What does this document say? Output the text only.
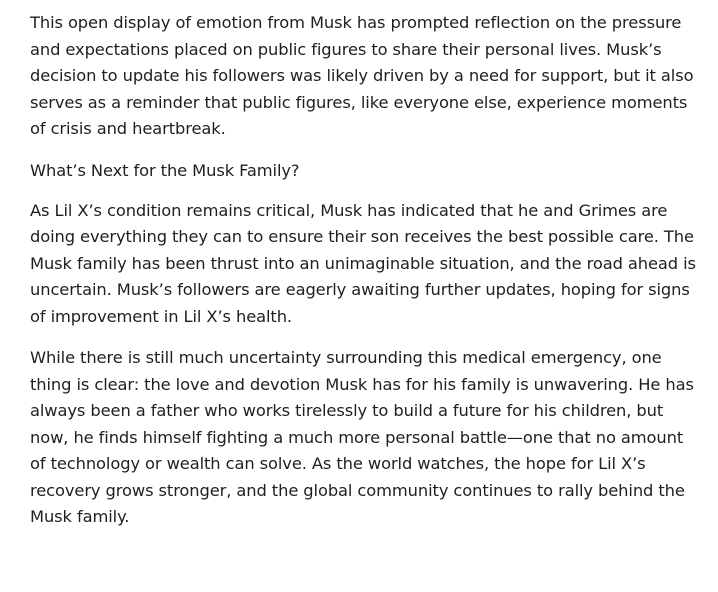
This open display of emotion from Musk has prompted reflection on the pressure and expectations placed on public figures to share their personal lives. Musk’s decision to update his followers was likely driven by a need for support, but it also serves as a reminder that public figures, like everyone else, experience moments of crisis and heartbreak.

What’s Next for the Musk Family?

As Lil X’s condition remains critical, Musk has indicated that he and Grimes are doing everything they can to ensure their son receives the best possible care. The Musk family has been thrust into an unimaginable situation, and the road ahead is uncertain. Musk’s followers are eagerly awaiting further updates, hoping for signs of improvement in Lil X’s health.

While there is still much uncertainty surrounding this medical emergency, one thing is clear: the love and devotion Musk has for his family is unwavering. He has always been a father who works tirelessly to build a future for his children, but now, he finds himself fighting a much more personal battle—one that no amount of technology or wealth can solve. As the world watches, the hope for Lil X’s recovery grows stronger, and the global community continues to rally behind the Musk family.
